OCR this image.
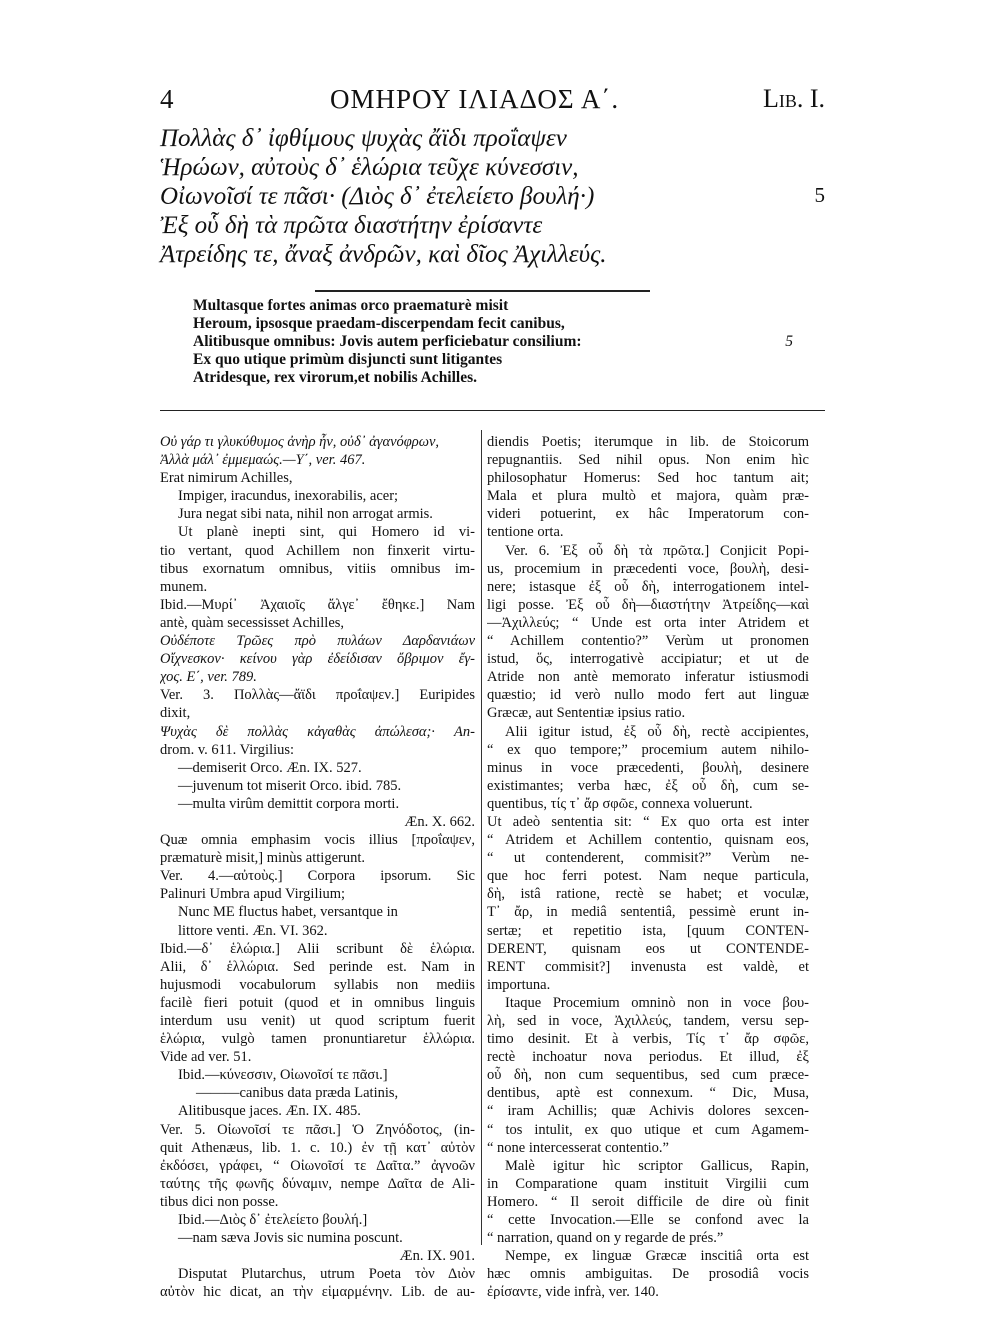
4	ΟΜΗΡΟΥ ΙΛΙΑΔΟΣ Α΄.	Lib. I.
Πολλὰς δ᾽ ἰφθίμους ψυχὰς ἄϊδι προΐαψεν
Ἡρώων, αὐτοὺς δ᾽ ἑλώρια τεῦχε κύνεσσιν,
Οἰωνοῖσί τε πᾶσι· (Διὸς δ᾽ ἐτελείετο βουλή·)	5
Ἐξ οὗ δὴ τὰ πρῶτα διαστήτην ἐρίσαντε
Ἀτρείδης τε, ἄναξ ἀνδρῶν, καὶ δῖος Ἀχιλλεύς.
Multasque fortes animas orco praematurè misit
Heroum, ipsosque praedam-discerpendam fecit canibus,
Alitibusque omnibus: Jovis autem perficiebatur consilium:	5
Ex quo utique primùm disjuncti sunt litigantes
Atridesque, rex virorum,et nobilis Achilles.
Οὐ γάρ τι γλυκύθυμος ἀνὴρ ἦν, οὐδ᾽ ἀγανόφρων,
Ἀλλὰ μάλ᾽ ἐμμεμαώς.—Υ΄, ver. 467.
Erat nimirum Achilles,
Impiger, iracundus, inexorabilis, acer;
Jura negat sibi nata, nihil non arrogat armis.
Ut planè inepti sint, qui Homero id vi-
tio vertant, quod Achillem non finxerit virtu-
tibus exornatum omnibus, vitiis omnibus im-
munem.
Ibid.—Μυρί᾽ Ἀχαιοῖς ἄλγε᾽ ἔθηκε.] Nam
antè, quàm secessisset Achilles,
Οὐδέποτε Τρῶες πρὸ πυλάων Δαρδανιάων
Οἴχνεσκον· κείνου γὰρ ἐδείδισαν ὄβριμον ἔγ-
χος. Ε΄, ver. 789.
Ver. 3. Πολλὰς—ἄϊδι προΐαψεν.] Euripides
dixit,
Ψυχὰς δὲ πολλὰς κἀγαθὰς ἀπώλεσα;· An-
drom. v. 611. Virgilius:
—demiserit Orco. Æn. IX. 527.
—juvenum tot miserit Orco. ibid. 785.
—multa virûm demittit corpora morti.
Æn. X. 662.
Quæ omnia emphasim vocis illius [προΐαψεν,
præmaturè misit,] minùs attigerunt.
Ver. 4.—αὐτοὺς.] Corpora ipsorum. Sic
Palinuri Umbra apud Virgilium;
Nunc ME fluctus habet, versantque in
littore venti. Æn. VI. 362.
Ibid.—δ᾽ ἑλώρια.] Alii scribunt δὲ ἑλώρια.
Alii, δ᾽ ἑλλώρια. Sed perinde est. Nam in
hujusmodi vocabulorum syllabis non mediis
facilè fieri potuit (quod et in omnibus linguis
interdum usu venit) ut quod scriptum fuerit
ἑλώρια, vulgò tamen pronuntiaretur ἑλλώρια.
Vide ad ver. 51.
Ibid.—κύνεσσιν, Οἰωνοῖσί τε πᾶσι.]
———canibus data præda Latinis,
Alitibusque jaces. Æn. IX. 485.
Ver. 5. Οἰωνοῖσί τε πᾶσι.] Ὁ Ζηνόδοτος, (in-
quit Athenæus, lib. 1. c. 10.) ἐν τῇ κατ᾽ αὐτὸν
ἐκδόσει, γράφει, “ Οἰωνοῖσί τε Δαῖτα.” ἀγνοῶν
ταύτης τῆς φωνῆς δύναμιν, nempe Δαῖτα de Ali-
tibus dici non posse.
Ibid.—Διὸς δ᾽ ἐτελείετο βουλή.]
—nam sæva Jovis sic numina poscunt.
Æn. IX. 901.
Disputat Plutarchus, utrum Poeta τὸν Διὸν
αὐτὸν hic dicat, an τὴν εἱμαρμένην. Lib. de au-
diendis Poetis; iterumque in lib. de Stoicorum
repugnantiis. Sed nihil opus. Non enim hìc
philosophatur Homerus: Sed hoc tantum ait;
Mala et plura multò et majora, quàm præ-
videri potuerint, ex hâc Imperatorum con-
tentione orta.
Ver. 6. Ἐξ οὗ δὴ τὰ πρῶτα.] Conjicit Popi-
us, procemium in præcedenti voce, βουλὴ, desi-
nere; istasque ἐξ οὗ δὴ, interrogationem intel-
ligi posse. Ἐξ οὗ δὴ—διαστήτην Ἀτρείδης—καὶ
—Ἀχιλλεύς; “ Unde est orta inter Atridem et
“ Achillem contentio?” Verùm ut pronomen
istud, ὅς, interrogativè accipiatur; et ut de
Atride non antè memorato inferatur istiusmodi
quæstio; id verò nullo modo fert aut linguæ
Græcæ, aut Sententiæ ipsius ratio.
Alii igitur istud, ἐξ οὗ δὴ, rectè accipientes,
“ ex quo tempore;” procemium autem nihilo-
minus in voce præcedenti, βουλὴ, desinere
existimantes; verba hæc, ἐξ οὗ δὴ, cum se-
quentibus, τίς τ᾽ ἄρ σφῶε, connexa voluerunt.
Ut adeò sententia sit: “ Ex quo orta est inter
“ Atridem et Achillem contentio, quisnam eos,
“ ut contenderent, commisit?” Verùm ne-
que hoc ferri potest. Nam neque particula,
δὴ, istâ ratione, rectè se habet; et voculæ,
Τ᾽ ἄρ, in mediâ sententiâ, pessimè erunt in-
sertæ; et repetitio ista, [quum CONTEN-
DERENT, quisnam eos ut CONTENDE-
RENT commisit?] invenusta est valdè, et
importuna.
Itaque Procemium omninò non in voce βου-
λὴ, sed in voce, Ἀχιλλεύς, tandem, versu sep-
timo desinit. Et à verbis, Τίς τ᾽ ἄρ σφῶε,
rectè inchoatur nova periodus. Et illud, ἐξ
οὗ δὴ, non cum sequentibus, sed cum præce-
dentibus, aptè est connexum. “ Dic, Musa,
“ iram Achillis; quæ Achivis dolores sexcen-
“ tos intulit, ex quo utique et cum Agamem-
“ none intercesserat contentio.”
Malè igitur hìc scriptor Gallicus, Rapin,
in Comparatione quam instituit Virgilii cum
Homero. “ Il seroit difficile de dire où finit
“ cette Invocation.—Elle se confond avec la
“ narration, quand on y regarde de prés.”
Nempe, ex linguæ Græcæ inscitiâ orta est
hæc omnis ambiguitas. De prosodiâ vocis
ἐρίσαντε, vide infrà, ver. 140.
